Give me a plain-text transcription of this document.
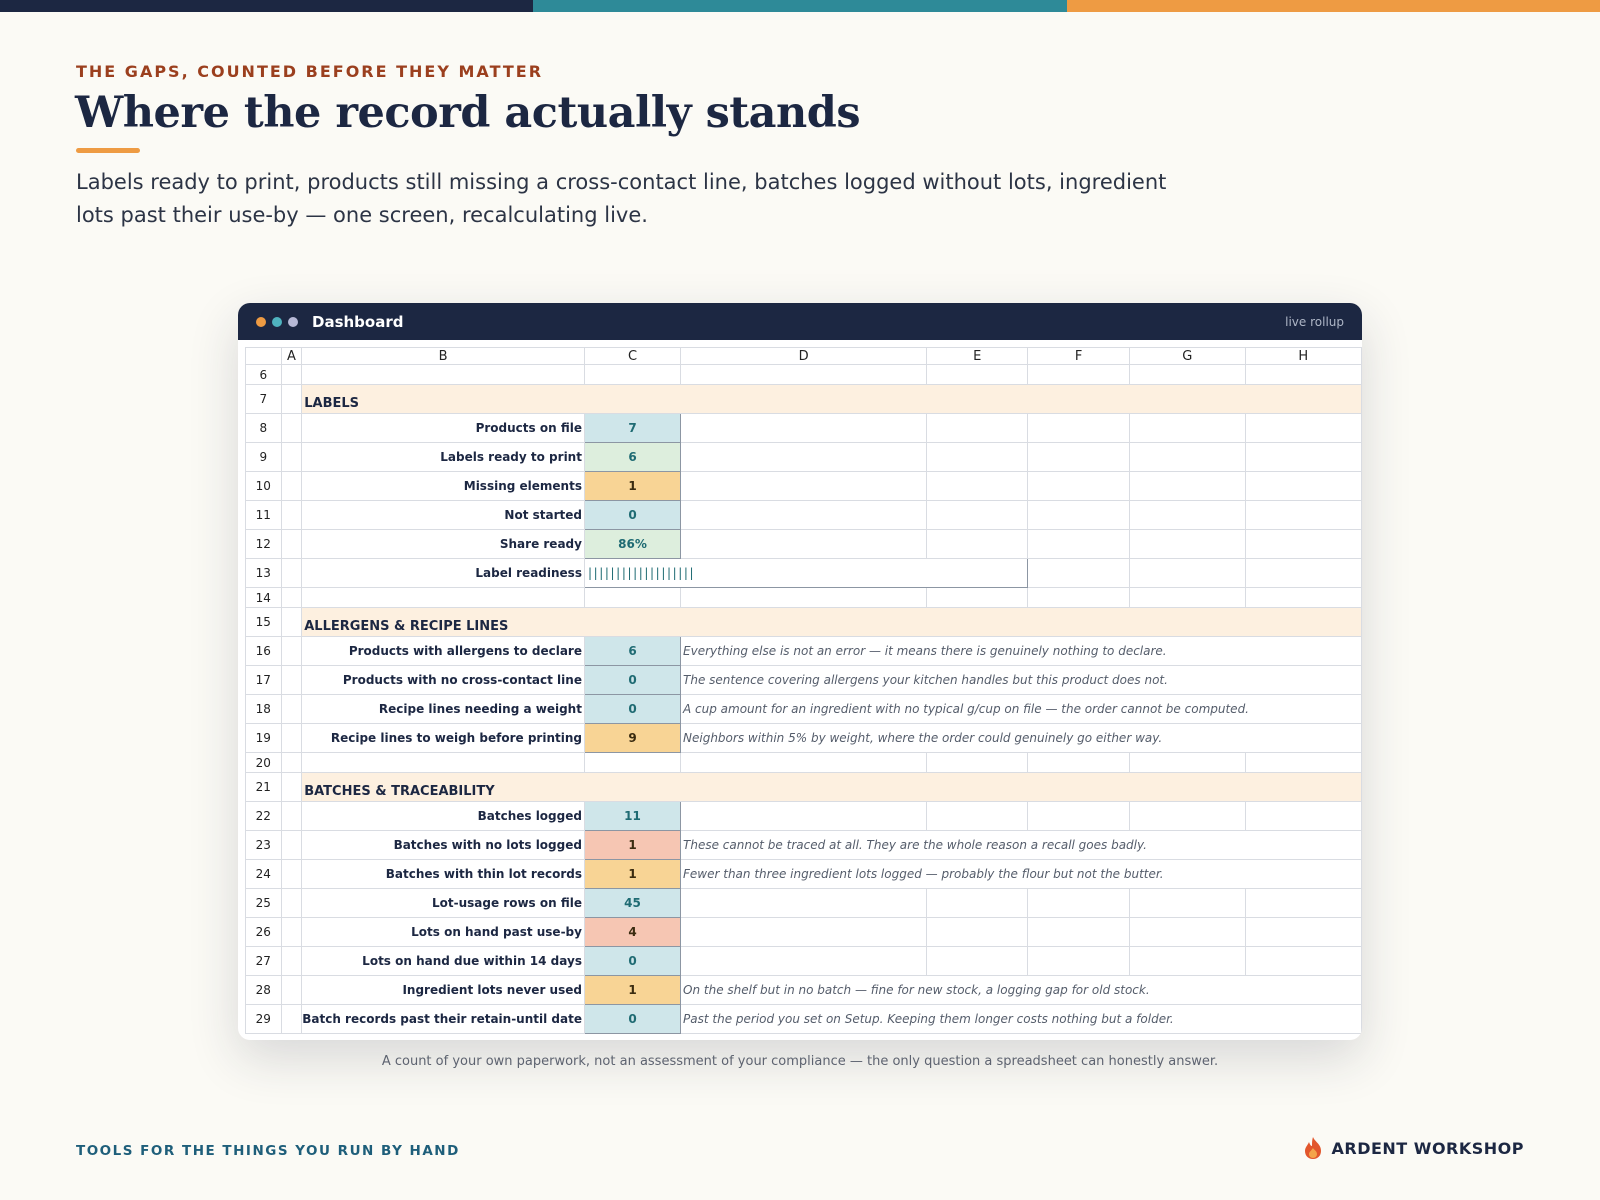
THE GAPS, COUNTED BEFORE THEY MATTER
Where the record actually stands

Labels ready to print, products still missing a cross-contact line, batches logged without lots, ingredient lots past their use-by — one screen, recalculating live.

Dashboard	live rollup
	A	B	C	D	E	F	G	H
6								
7		LABELS						
8		Products on file	7					
9		Labels ready to print	6					
10		Missing elements	1					
11		Not started	0					
12		Share ready	86%					
13		Label readiness	|||||||||||||||||||					
14								
15		ALLERGENS & RECIPE LINES						
16		Products with allergens to declare	6	Everything else is not an error — it means there is genuinely nothing to declare.				
17		Products with no cross-contact line	0	The sentence covering allergens your kitchen handles but this product does not.				
18		Recipe lines needing a weight	0	A cup amount for an ingredient with no typical g/cup on file — the order cannot be computed.				
19		Recipe lines to weigh before printing	9	Neighbors within 5% by weight, where the order could genuinely go either way.				
20								
21		BATCHES & TRACEABILITY						
22		Batches logged	11					
23		Batches with no lots logged	1	These cannot be traced at all. They are the whole reason a recall goes badly.				
24		Batches with thin lot records	1	Fewer than three ingredient lots logged — probably the flour but not the butter.				
25		Lot-usage rows on file	45					
26		Lots on hand past use-by	4					
27		Lots on hand due within 14 days	0					
28		Ingredient lots never used	1	On the shelf but in no batch — fine for new stock, a logging gap for old stock.				
29		Batch records past their retain-until date	0	Past the period you set on Setup. Keeping them longer costs nothing but a folder.				
A count of your own paperwork, not an assessment of your compliance — the only question a spreadsheet can honestly answer.
TOOLS FOR THE THINGS YOU RUN BY HAND	ARDENT WORKSHOP
